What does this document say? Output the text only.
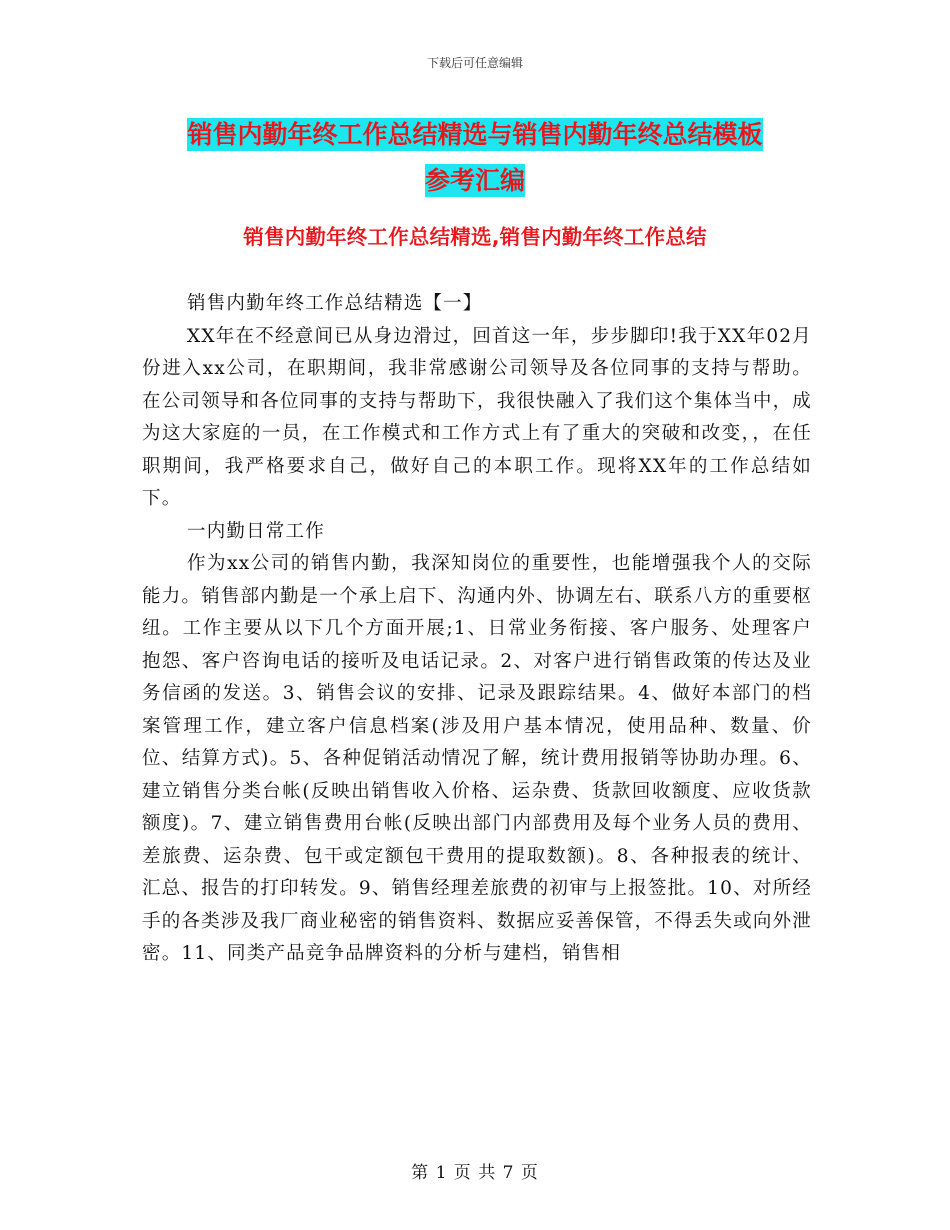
下载后可任意编辑
销售内勤年终工作总结精选与销售内勤年终总结模板
参考汇编
销售内勤年终工作总结精选,销售内勤年终工作总结

销售内勤年终工作总结精选【一】

XX年在不经意间已从身边滑过，回首这一年，步步脚印!我于XX年02月份进入xx公司，在职期间，我非常感谢公司领导及各位同事的支持与帮助。在公司领导和各位同事的支持与帮助下，我很快融入了我们这个集体当中，成为这大家庭的一员，在工作模式和工作方式上有了重大的突破和改变，，在任职期间，我严格要求自己，做好自己的本职工作。现将XX年的工作总结如下。

一内勤日常工作

作为xx公司的销售内勤，我深知岗位的重要性，也能增强我个人的交际能力。销售部内勤是一个承上启下、沟通内外、协调左右、联系八方的重要枢纽。工作主要从以下几个方面开展;1、日常业务衔接、客户服务、处理客户抱怨、客户咨询电话的接听及电话记录。2、对客户进行销售政策的传达及业务信函的发送。3、销售会议的安排、记录及跟踪结果。4、做好本部门的档案管理工作，建立客户信息档案(涉及用户基本情况，使用品种、数量、价位、结算方式)。5、各种促销活动情况了解，统计费用报销等协助办理。6、建立销售分类台帐(反映出销售收入价格、运杂费、货款回收额度、应收货款额度)。7、建立销售费用台帐(反映出部门内部费用及每个业务人员的费用、差旅费、运杂费、包干或定额包干费用的提取数额)。8、各种报表的统计、汇总、报告的打印转发。9、销售经理差旅费的初审与上报签批。10、对所经手的各类涉及我厂商业秘密的销售资料、数据应妥善保管，不得丢失或向外泄密。11、同类产品竞争品牌资料的分析与建档，销售相

第 1 页 共 7 页
